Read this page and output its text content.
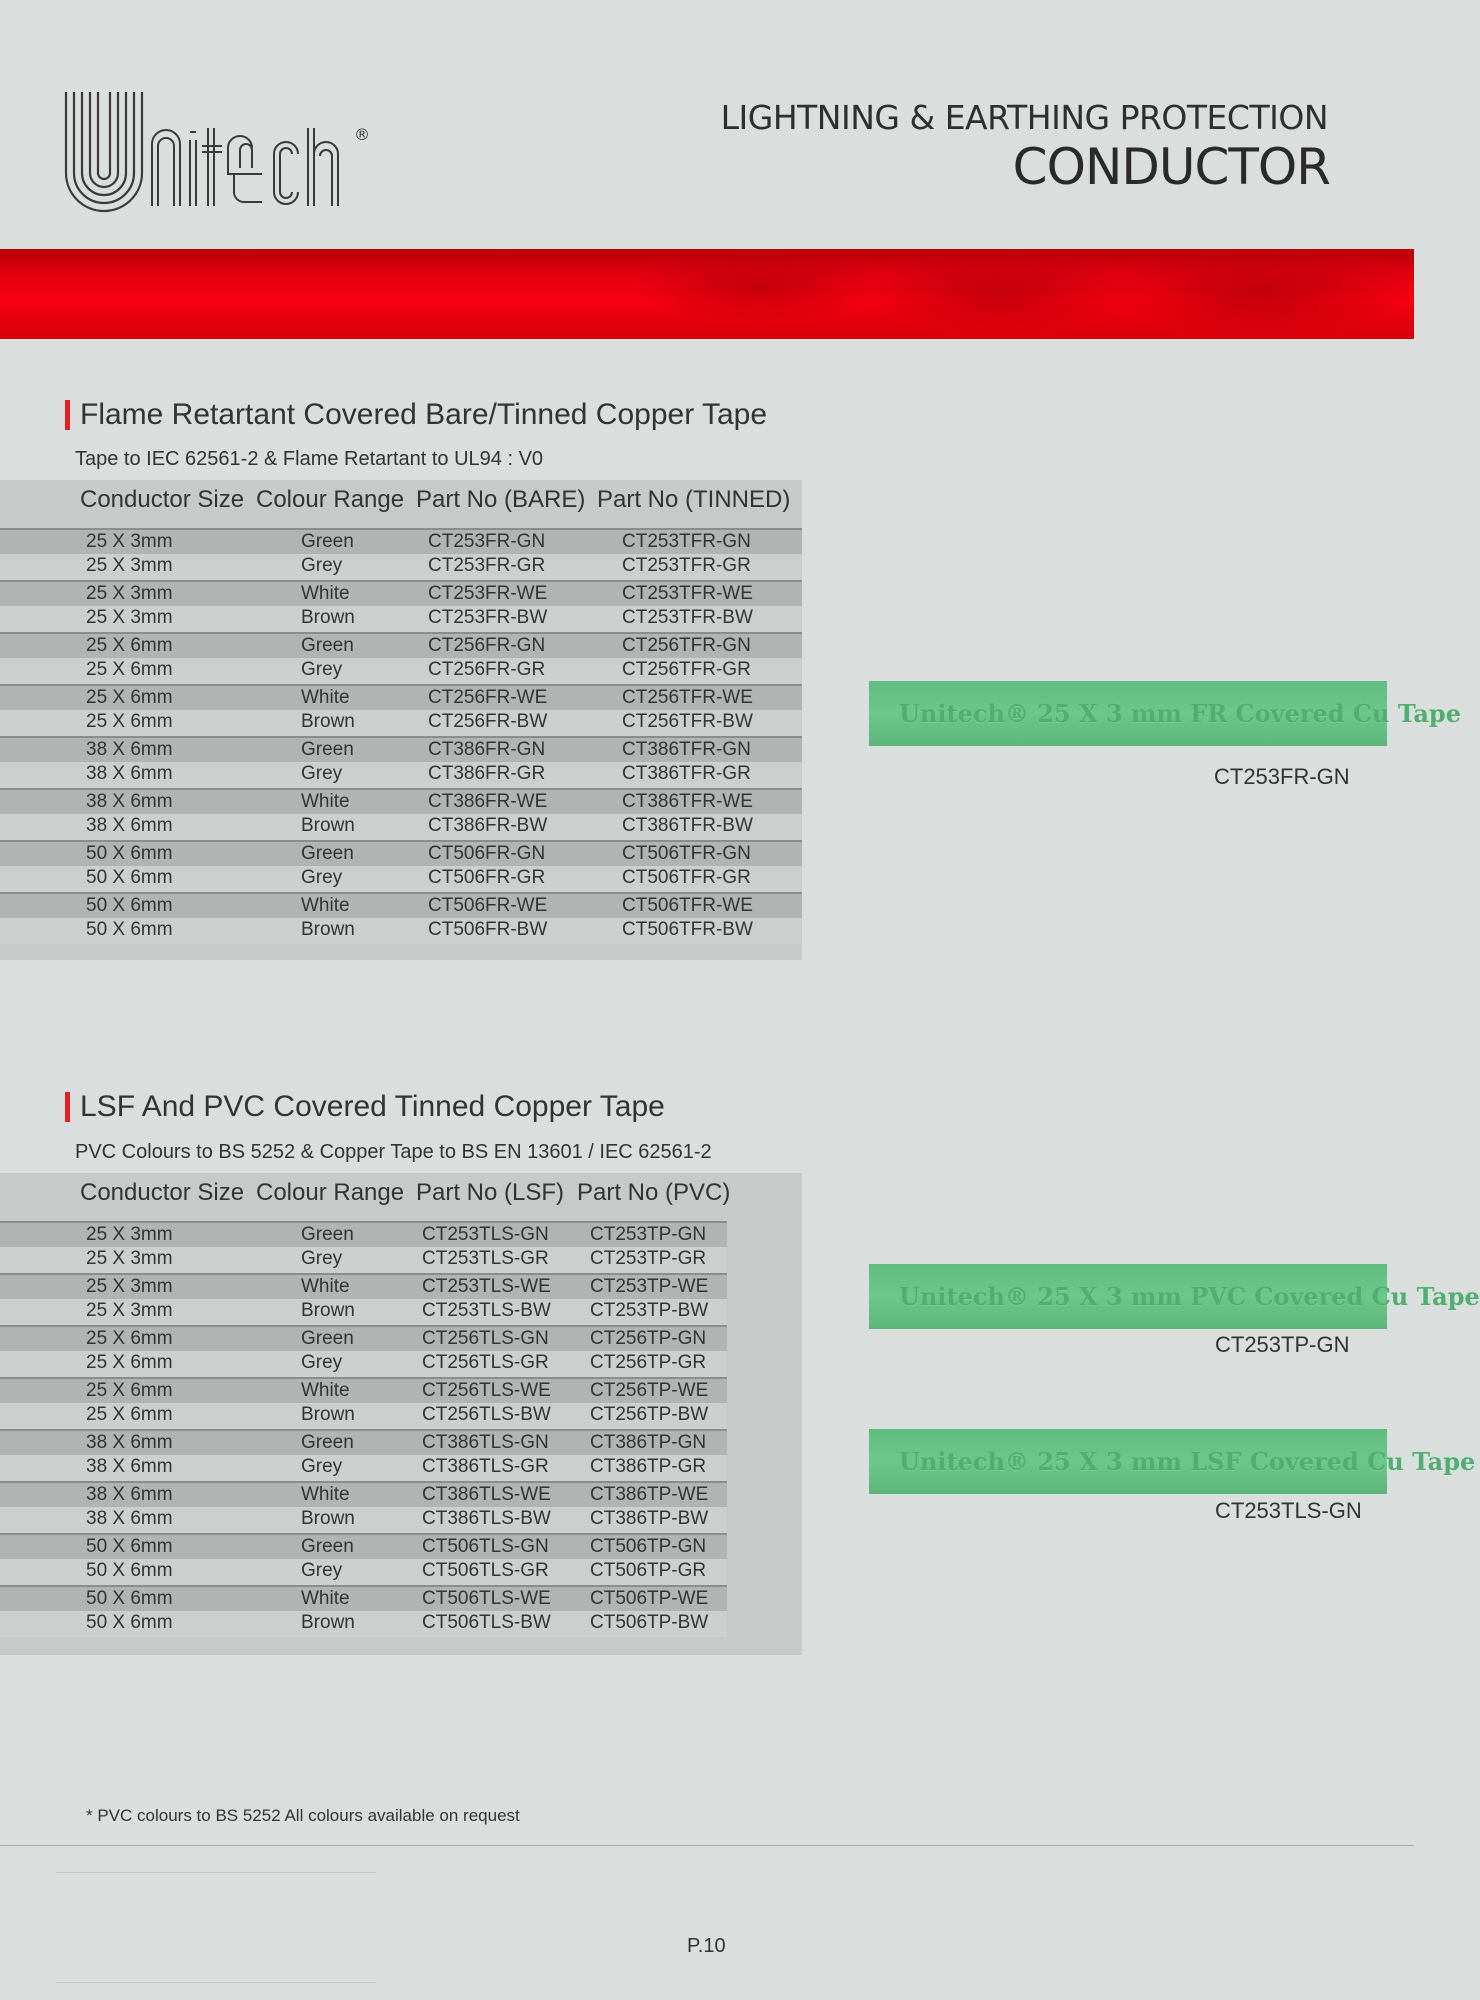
®	LIGHTNING & EARTHING PROTECTION
CONDUCTOR
Flame Retartant Covered Bare/Tinned Copper Tape
Tape to IEC 62561-2 & Flame Retartant to UL94 : V0
Conductor Size Colour Range Part No (BARE) Part No (TINNED)
25 X 3mm	Green	CT253FR-GN	CT253TFR-GN
25 X 3mm	Grey	CT253FR-GR	CT253TFR-GR
25 X 3mm	White	CT253FR-WE	CT253TFR-WE
25 X 3mm	Brown	CT253FR-BW	CT253TFR-BW
25 X 6mm	Green	CT256FR-GN	CT256TFR-GN
25 X 6mm	Grey	CT256FR-GR	CT256TFR-GR
25 X 6mm	White	CT256FR-WE	CT256TFR-WE
25 X 6mm	Brown	CT256FR-BW	CT256TFR-BW
38 X 6mm	Green	CT386FR-GN	CT386TFR-GN
38 X 6mm	Grey	CT386FR-GR	CT386TFR-GR
38 X 6mm	White	CT386FR-WE	CT386TFR-WE
38 X 6mm	Brown	CT386FR-BW	CT386TFR-BW
50 X 6mm	Green	CT506FR-GN	CT506TFR-GN
50 X 6mm	Grey	CT506FR-GR	CT506TFR-GR
50 X 6mm	White	CT506FR-WE	CT506TFR-WE
50 X 6mm	Brown	CT506FR-BW	CT506TFR-BW
LSF And PVC Covered Tinned Copper Tape
PVC Colours to BS 5252 & Copper Tape to BS EN 13601 / IEC 62561-2
Conductor Size Colour Range Part No (LSF) Part No (PVC)
25 X 3mm	Green	CT253TLS-GN CT253TP-GN
25 X 3mm	Grey	CT253TLS-GR CT253TP-GR
25 X 3mm	White	CT253TLS-WE CT253TP-WE
25 X 3mm	Brown	CT253TLS-BW CT253TP-BW
25 X 6mm	Green	CT256TLS-GN CT256TP-GN
25 X 6mm	Grey	CT256TLS-GR CT256TP-GR
25 X 6mm	White	CT256TLS-WE CT256TP-WE
25 X 6mm	Brown	CT256TLS-BW CT256TP-BW
38 X 6mm	Green	CT386TLS-GN CT386TP-GN
38 X 6mm	Grey	CT386TLS-GR CT386TP-GR
38 X 6mm	White	CT386TLS-WE CT386TP-WE
38 X 6mm	Brown	CT386TLS-BW CT386TP-BW
50 X 6mm	Green	CT506TLS-GN CT506TP-GN
50 X 6mm	Grey	CT506TLS-GR CT506TP-GR
50 X 6mm	White	CT506TLS-WE CT506TP-WE
50 X 6mm	Brown	CT506TLS-BW CT506TP-BW
Unitech® 25 X 3 mm FR Covered Cu Tape
CT253FR-GN
Unitech® 25 X 3 mm PVC Covered Cu Tape
CT253TP-GN
Unitech® 25 X 3 mm LSF Covered Cu Tape
CT253TLS-GN
* PVC colours to BS 5252 All colours available on request
P.10
